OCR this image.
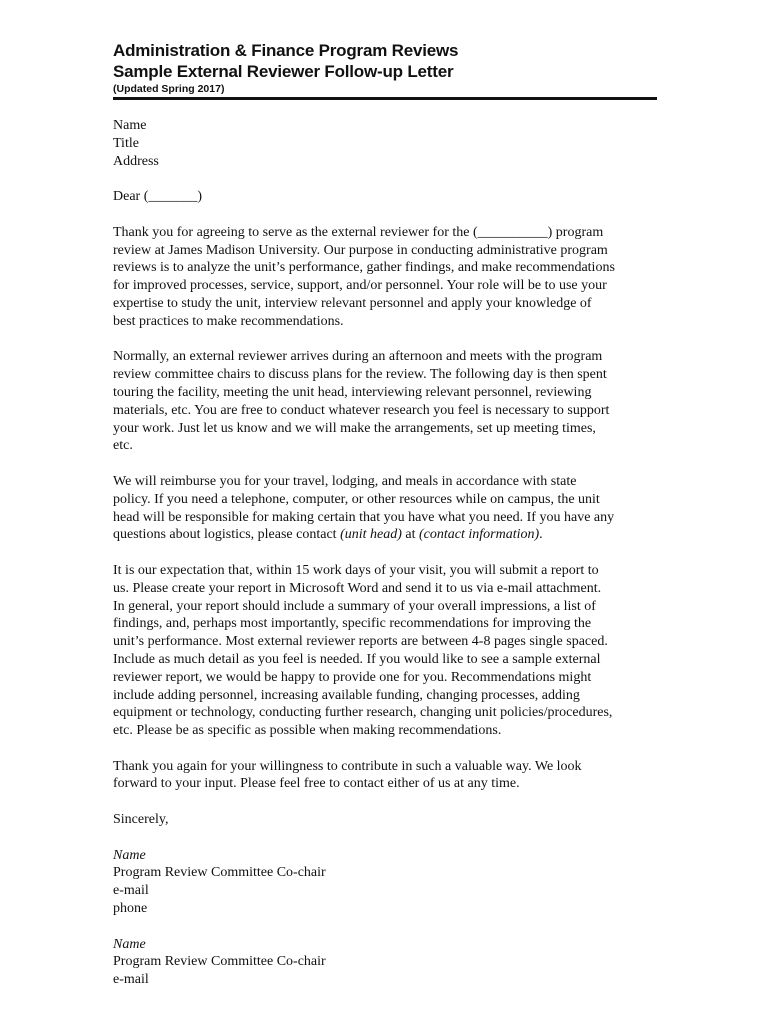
Administration & Finance Program Reviews
Sample External Reviewer Follow-up Letter
(Updated Spring 2017)
Name
Title
Address
Dear (_______)
Thank you for agreeing to serve as the external reviewer for the (__________) program
review at James Madison University. Our purpose in conducting administrative program
reviews is to analyze the unit’s performance, gather findings, and make recommendations
for improved processes, service, support, and/or personnel. Your role will be to use your
expertise to study the unit, interview relevant personnel and apply your knowledge of
best practices to make recommendations.
Normally, an external reviewer arrives during an afternoon and meets with the program
review committee chairs to discuss plans for the review. The following day is then spent
touring the facility, meeting the unit head, interviewing relevant personnel, reviewing
materials, etc. You are free to conduct whatever research you feel is necessary to support
your work. Just let us know and we will make the arrangements, set up meeting times,
etc.
We will reimburse you for your travel, lodging, and meals in accordance with state
policy. If you need a telephone, computer, or other resources while on campus, the unit
head will be responsible for making certain that you have what you need. If you have any
questions about logistics, please contact (unit head) at (contact information).
It is our expectation that, within 15 work days of your visit, you will submit a report to
us. Please create your report in Microsoft Word and send it to us via e-mail attachment.
In general, your report should include a summary of your overall impressions, a list of
findings, and, perhaps most importantly, specific recommendations for improving the
unit’s performance. Most external reviewer reports are between 4-8 pages single spaced.
Include as much detail as you feel is needed. If you would like to see a sample external
reviewer report, we would be happy to provide one for you. Recommendations might
include adding personnel, increasing available funding, changing processes, adding
equipment or technology, conducting further research, changing unit policies/procedures,
etc. Please be as specific as possible when making recommendations.
Thank you again for your willingness to contribute in such a valuable way. We look
forward to your input. Please feel free to contact either of us at any time.
Sincerely,
Name
Program Review Committee Co-chair
e-mail
phone
Name
Program Review Committee Co-chair
e-mail
